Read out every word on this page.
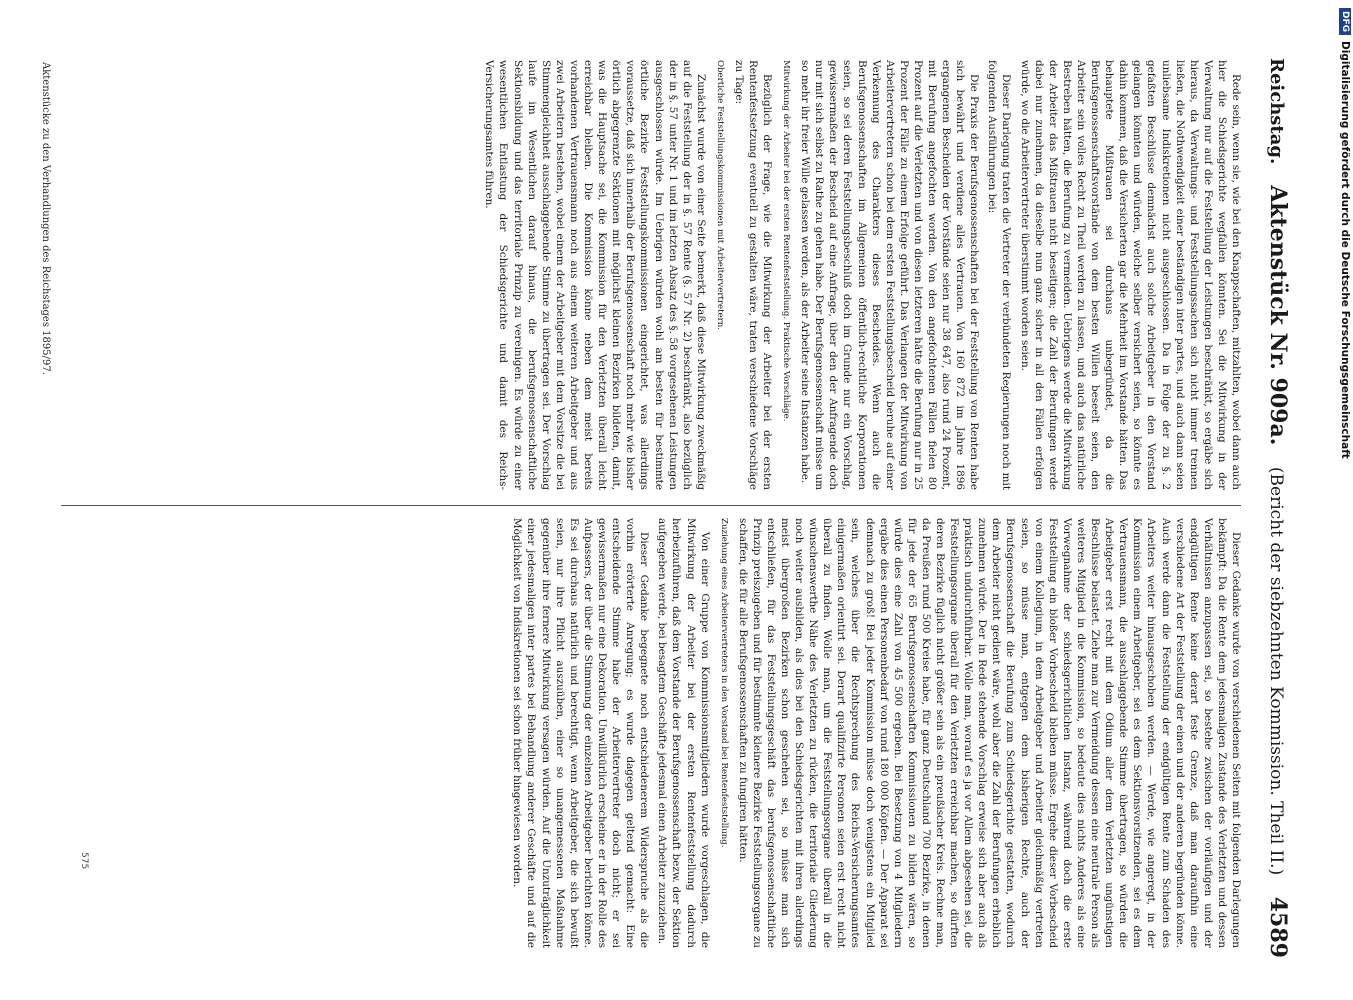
Reichstag. Aktenstück Nr. 909a.
(Bericht der siebzehnten Kommission. Theil II.)
4589

Rede sein, wenn sie, wie bei den Knappschaften, mitzahlten, wobei dann auch hier die Schiedsgerichte wegfallen könnten. Sei die Mitwirkung in der Verwaltung nur auf die Feststellung der Leistungen beschränkt, so ergäbe sich hieraus, da Verwaltungs- und Feststellungssachen sich nicht immer trennen ließen, die Nothwendigkeit einer beständigen inter partes, und auch dann seien unliebsame Indiskretionen nicht ausgeschlossen. Da in Folge der zu §. 2 gefaßten Beschlüsse demnächst auch solche Arbeitgeber in den Vorstand gelangen könnten und würden, welche selber versichert seien, so könnte es dahin kommen, daß die Versicherten gar die Mehrheit im Vorstande hätten. Das behauptete Mißtrauen sei durchaus unbegründet, da die Berufsgenossenschaftsvorstände von dem besten Willen beseelt seien, den Arbeiter sein volles Recht zu Theil werden zu lassen, und auch das natürliche Bestreben hätten, die Berufung zu vermeiden. Uebrigens werde die Mitwirkung der Arbeiter das Mißtrauen nicht beseitigen; die Zahl der Berufungen werde dabei nur zunehmen, da dieselbe nun ganz sicher in all den Fällen erfolgen würde, wo die Arbeitervertreter überstimmt worden seien.

Dieser Darlegung traten die Vertreter der verbündeten Regierungen noch mit folgenden Ausführungen bei:

Die Praxis der Berufsgenossenschaften bei der Feststellung von Renten habe sich bewährt und verdiene alles Vertrauen. Von 160 872 im Jahre 1896 ergangenen Bescheiden der Vorstände seien nur 38 647, also rund 24 Prozent, mit Berufung angefochten worden. Von den angefochtenen Fällen fielen 80 Prozent auf die Verletzten und von diesen letzteren hätte die Berufung nur in 25 Prozent der Fälle zu einem Erfolge geführt. Das Verlangen der Mitwirkung von Arbeitervertretern schon bei dem ersten Feststellungsbescheid beruhe auf einer Verkennung des Charakters dieses Bescheides. Wenn auch die Berufsgenossenschaften im Allgemeinen öffentlich-rechtliche Korporationen seien, so sei deren Feststellungsbeschluß doch im Grunde nur ein Vorschlag, gewissermaßen der Bescheid auf eine Anfrage, über den der Anfragende doch nur mit sich selbst zu Rathe zu gehen habe. Der Berufsgenossenschaft müsse um so mehr ihr freier Wille gelassen werden, als der Arbeiter seine Instanzen habe.

Mitwirkung der Arbeiter bei der ersten Rentenfeststellung. Praktische Vorschläge.

Bezüglich der Frage, wie die Mitwirkung der Arbeiter bei der ersten Rentenfestsetzung eventuell zu gestalten wäre, traten verschiedene Vorschläge zu Tage:

Obertiche Feststellungskommissionen mit Arbeitervertretern.

Zunächst wurde von einer Seite bemerkt, daß diese Mitwirkung zweckmäßig auf die Feststellung der in §. 57 Rente (§. 57 Nr. 2) beschränkt, also bezüglich der in §. 57 unter Nr. 1 und im letzten Absatz des §. 58 vorgesehenen Leistungen ausgeschlossen würde. Im Uebrigen würden wohl am besten für bestimmte örtliche Bezirke Feststellungskommissionen eingerichtet, was allerdings voraussetze, daß sich innerhalb der Berufsgenossenschaft noch mehr wie bisher örtlich abgegrenzte Sektionen mit möglichst kleinen Bezirken bildeten, damit, was die Hauptsache sei, die Kommission für den Verletzten überall leicht erreichbar bleiben. Die Kommission könne neben dem meist bereits vorhandenen Vertrauensmann noch aus einem weiteren Arbeitgeber und aus zwei Arbeitern bestehen, wobei einem der Arbeitgeber mit dem Vorsitze die bei Stimmengleichheit ausschlaggebende Stimme zu übertragen sei. Der Vorschlag laufe im Wesentlichen darauf hinaus, die berufsgenossenschaftliche Sektionsbildung und das territoriale Prinzip zu vereinigen. Es würde zu einer wesentlichen Entlastung der Schiedsgerichte und damit des Reichs-Versicherungsamtes führen.

Dieser Gedanke wurde von verschiedenen Seiten mit folgenden Darlegungen bekämpft: Da die Rente dem jedesmaligen Zustande des Verletzten und dessen Verhältnissen anzupassen sei, so bestehe zwischen der vorläufigen und der endgültigen Rente keine derart feste Grenze, daß man daraufhin eine verschiedene Art der Feststellung der einen und der anderen begründen könne. Auch werde dann die Feststellung der endgültigen Rente zum Schaden des Arbeiters weiter hinausgeschoben werden. — Werde, wie angeregt, in der Kommission einem Arbeitgeber, sei es dem Sektionsvorsitzenden, sei es dem Vertrauensmann, die ausschlaggebende Stimme übertragen, so würden die Arbeitgeber erst recht mit dem Odium aller dem Verletzten ungünstigen Beschlüsse belastet. Ziehe man zur Vermeidung dessen eine neutrale Person als weiteres Mitglied in die Kommission, so bedeute dies nichts Anderes als eine Vorwegnahme der schiedsgerichtlichen Instanz, während doch die erste Feststellung ein bloßer Vorbescheid bleiben müsse. Ergehe dieser Vorbescheid von einem Kollegium, in dem Arbeitgeber und Arbeiter gleichmäßig vertreten seien, so müsse man, entgegen dem bisherigen Rechte, auch der Berufsgenossenschaft die Berufung zum Schiedsgerichte gestatten, wodurch dem Arbeiter nicht gedient wäre, wohl aber die Zahl der Berufungen erheblich zunehmen würde. Der in Rede stehende Vorschlag erweise sich aber auch als praktisch undurchführbar. Wolle man, worauf es ja vor Allem abgesehen sei, die Feststellungsorgane überall für den Verletzten erreichbar machen, so dürften deren Bezirke füglich nicht größer sein als ein preußischer Kreis. Rechne man, da Preußen rund 500 Kreise habe, für ganz Deutschland 700 Bezirke, in denen für jede der 65 Berufsgenossenschaften Kommissionen zu bilden wären, so würde dies eine Zahl von 45 500 ergeben. Bei Besetzung von 4 Mitgliedern ergäbe dies einen Personenbedarf von rund 180 000 Köpfen. — Der Apparat sei demnach zu groß! Bei jeder Kommission müsse doch wenigstens ein Mitglied sein, welches über die Rechtsprechung des Reichs-Versicherungsamtes einigermaßen orientirt sei. Derart qualifizirte Personen seien erst recht nicht überall zu finden. Wolle man, um die Feststellungsorgane überall in die wünschenswerthe Nähe des Verletzten zu rücken, die territoriale Gliederung noch weiter ausbilden, als dies bei den Schiedsgerichten mit ihren allerdings meist übergroßen Bezirken schon geschehen sei, so müsse man sich entschließen, für das Feststellungsgeschäft das berufsgenossenschaftliche Prinzip preiszugeben und für bestimmte kleinere Bezirke Feststellungsorgane zu schaffen, die für alle Berufsgenossenschaften zu fungiren hätten.

Zuziehung eines Arbeitervertreters in den Vorstand bei Rentenfeststellung.

Von einer Gruppe von Kommissionsmitgliedern wurde vorgeschlagen, die Mitwirkung der Arbeiter bei der ersten Rentenfeststellung dadurch herbeizuführen, daß dem Vorstande der Berufsgenossenschaft bezw. der Sektion aufgegeben werde, bei besagtem Geschäfte jedesmal einen Arbeiter zuzuziehen.

Dieser Gedanke begegnete noch entschiedenerem Widerspruche als die vorhin erörterte Anregung; es wurde dagegen geltend gemacht: Eine entscheidende Stimme habe der Arbeitervertreter doch nicht; er sei gewissermaßen nur eine Dekoration. Unwillkürlich erscheine er in der Rolle des Aufpassers, der über die Stimmung der einzelnen Arbeitgeber berichten könne. Es sei durchaus natürlich und berechtigt, wenn Arbeitgeber, die sich bewußt seien, nur ihre Pflicht auszuüben, einer so unangemessenen Maßnahme gegenüber ihre fernere Mitwirkung versagen würden. Auf die Unzuträglichkeit einer jedesmaligen inter partes bei Behandlung anderer Geschäfte und auf die Möglichkeit von Indiskretionen sei schon früher hingewiesen worden.

575
Aktenstücke zu den Verhandlungen des Reichstages 1895/97.
DFG
Digitalisierung gefördert durch die Deutsche Forschungsgemeinschaft
